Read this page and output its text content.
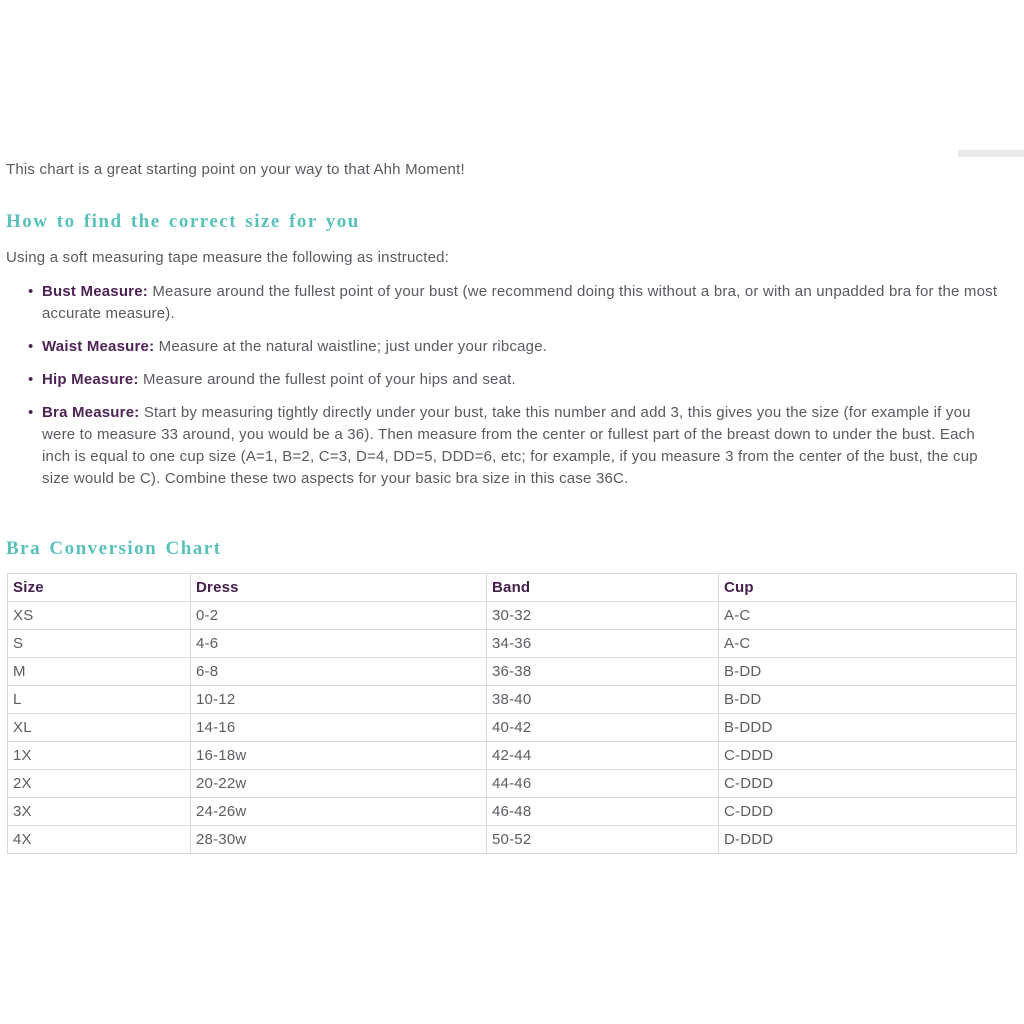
This chart is a great starting point on your way to that Ahh Moment!

How to find the correct size for you

Using a soft measuring tape measure the following as instructed:

• Bust Measure: Measure around the fullest point of your bust (we recommend doing this without a bra, or with an unpadded bra for the most accurate measure).
• Waist Measure: Measure at the natural waistline; just under your ribcage.
• Hip Measure: Measure around the fullest point of your hips and seat.
• Bra Measure: Start by measuring tightly directly under your bust, take this number and add 3, this gives you the size (for example if you were to measure 33 around, you would be a 36). Then measure from the center or fullest part of the breast down to under the bust. Each inch is equal to one cup size (A=1, B=2, C=3, D=4, DD=5, DDD=6, etc; for example, if you measure 3 from the center of the bust, the cup size would be C). Combine these two aspects for your basic bra size in this case 36C.
Bra Conversion Chart
Size	Dress	Band	Cup
XS	0-2	30-32	A-C
S	4-6	34-36	A-C
M	6-8	36-38	B-DD
L	10-12	38-40	B-DD
XL	14-16	40-42	B-DDD
1X	16-18w	42-44	C-DDD
2X	20-22w	44-46	C-DDD
3X	24-26w	46-48	C-DDD
4X	28-30w	50-52	D-DDD
